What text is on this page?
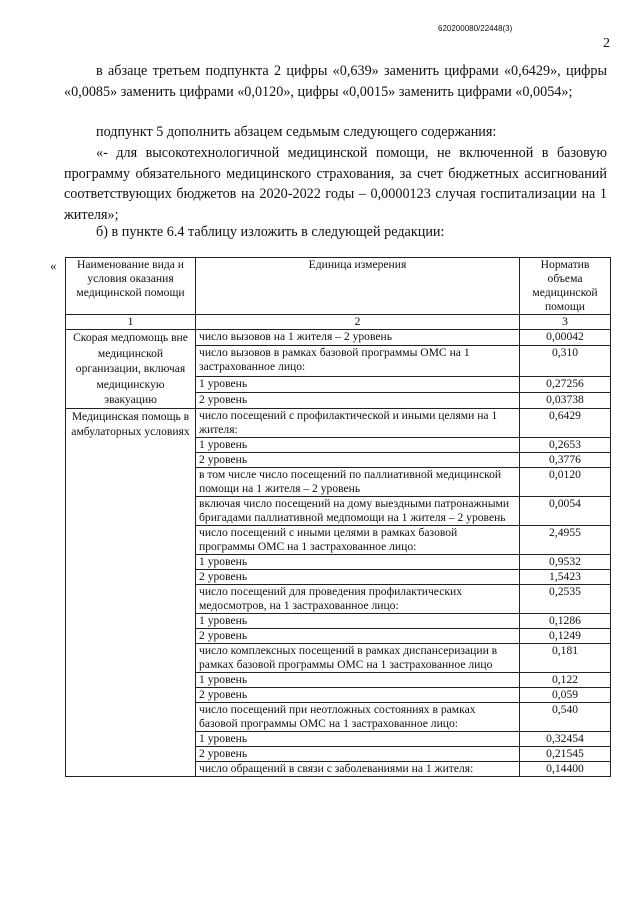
620200080/22448(3)
2
в абзаце третьем подпункта 2 цифры «0,639» заменить цифрами «0,6429», цифры «0,0085» заменить цифрами «0,0120», цифры «0,0015» заменить цифрами «0,0054»;
подпункт 5 дополнить абзацем седьмым следующего содержания:
«- для высокотехнологичной медицинской помощи, не включенной в базовую программу обязательного медицинского страхования, за счет бюджетных ассигнований соответствующих бюджетов на 2020-2022 годы – 0,0000123 случая госпитализации на 1 жителя»;
б) в пункте 6.4 таблицу изложить в следующей редакции:
« Наименование вида и условия оказания медицинской помощи	Единица измерения	Норматив объема медицинской помощи
1	2	3
Скорая медпомощь вне медицинской организации, включая медицинскую эвакуацию	число вызовов на 1 жителя – 2 уровень	0,00042
	число вызовов в рамках базовой программы ОМС на 1 застрахованное лицо:	0,310
	1 уровень	0,27256
	2 уровень	0,03738
Медицинская помощь в амбулаторных условиях	число посещений с профилактической и иными целями на 1 жителя:	0,6429
	1 уровень	0,2653
	2 уровень	0,3776
	в том числе число посещений по паллиативной медицинской помощи на 1 жителя – 2 уровень	0,0120
	включая число посещений на дому выездными патронажными бригадами паллиативной медпомощи на 1 жителя – 2 уровень	0,0054
	число посещений с иными целями в рамках базовой программы ОМС на 1 застрахованное лицо:	2,4955
	1 уровень	0,9532
	2 уровень	1,5423
	число посещений для проведения профилактических медосмотров, на 1 застрахованное лицо:	0,2535
	1 уровень	0,1286
	2 уровень	0,1249
	число комплексных посещений в рамках диспансеризации в рамках базовой программы ОМС на 1 застрахованное лицо	0,181
	1 уровень	0,122
	2 уровень	0,059
	число посещений при неотложных состояниях в рамках базовой программы ОМС на 1 застрахованное лицо:	0,540
	1 уровень	0,32454
	2 уровень	0,21545
	число обращений в связи с заболеваниями на 1 жителя:	0,14400
